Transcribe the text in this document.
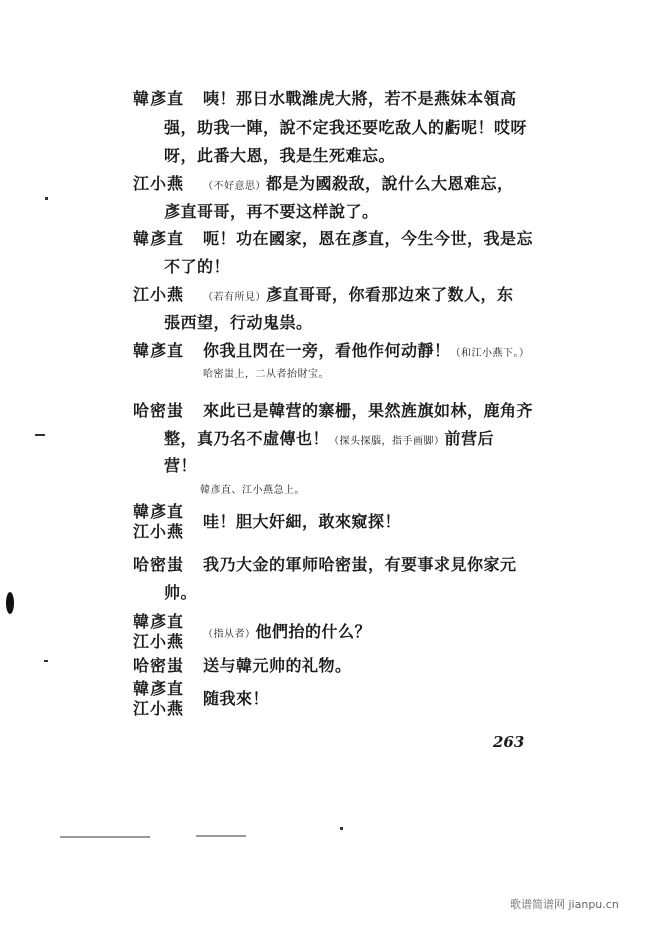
韓彥直 咦！那日水戰潍虎大將，若不是燕妹本領高
强，助我一陣，說不定我还要吃敌人的虧呢！哎呀
呀，此番大恩，我是生死难忘。
江小燕 （不好意思）都是为國殺敌，說什么大恩难忘，
彥直哥哥，再不要这样說了。
韓彥直 呃！功在國家，恩在彥直，今生今世，我是忘
不了的！
江小燕 （若有所見）彥直哥哥，你看那边來了数人，东
張西望，行动鬼祟。
韓彥直 你我且閃在一旁，看他作何动靜！（和江小燕下。）
哈密蚩上，二从者抬財宝。
哈密蚩 來此已是韓营的寨栅，果然旌旗如林，鹿角齐
整，真乃名不虛傳也！（探头探腦，指手画脚）前营后
营！
韓彥直、江小燕急上。
韓彥直
江小燕
哇！胆大奸細，敢來窥探！
哈密蚩 我乃大金的軍师哈密蚩，有要事求見你家元
帅。
韓彥直
江小燕 （指从者）他們抬的什么？
哈密蚩 送与韓元帅的礼物。
韓彥直
江小燕
随我來！
263
歌谱简谱网 jianpu.cn
